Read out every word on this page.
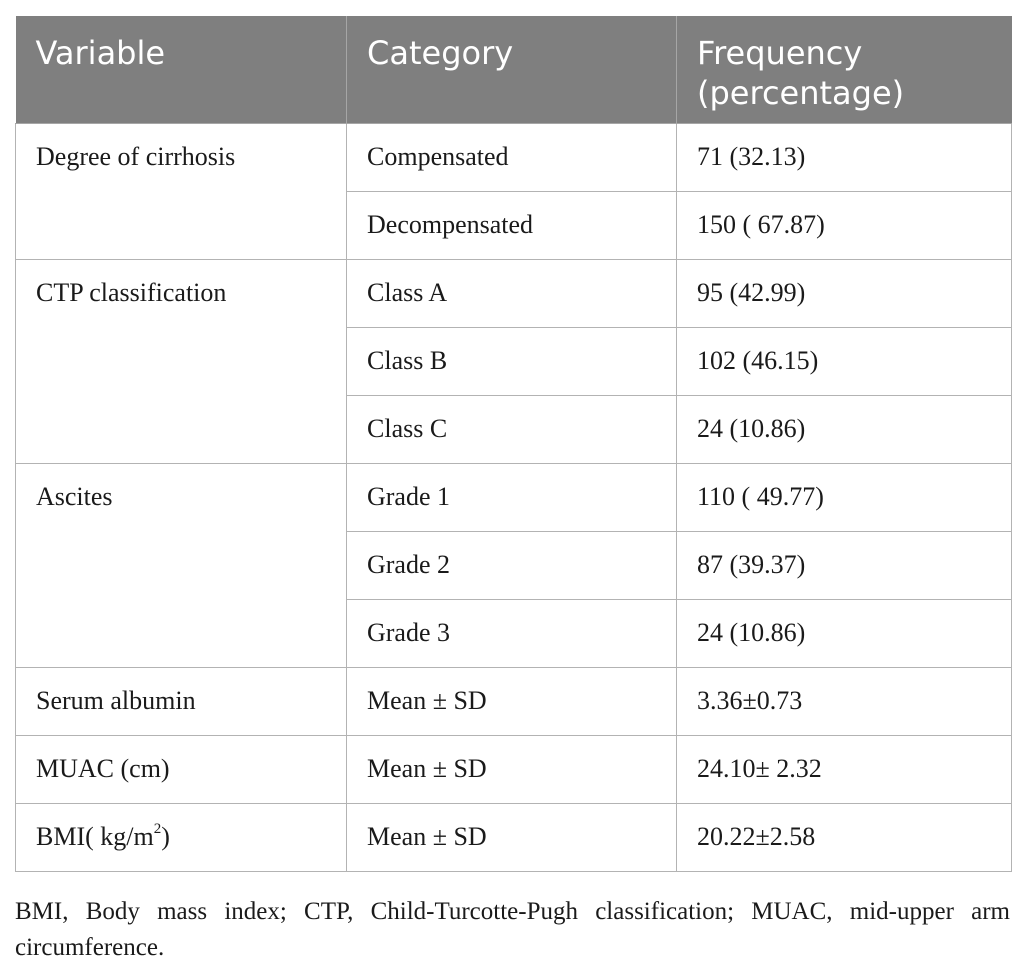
Variable	Category	Frequency
(percentage)
Degree of cirrhosis	Compensated	71 (32.13)
	Decompensated	150 ( 67.87)
CTP classification	Class A	95 (42.99)
	Class B	102 (46.15)
	Class C	24 (10.86)
Ascites	Grade 1	110 ( 49.77)
	Grade 2	87 (39.37)
	Grade 3	24 (10.86)
Serum albumin	Mean ± SD	3.36±0.73
MUAC (cm)	Mean ± SD	24.10± 2.32
BMI( $kg/m^2$)	Mean ± SD	20.22±2.58

BMI, Body mass index; CTP, Child-Turcotte-Pugh classification; MUAC, mid-upper arm circumference.
